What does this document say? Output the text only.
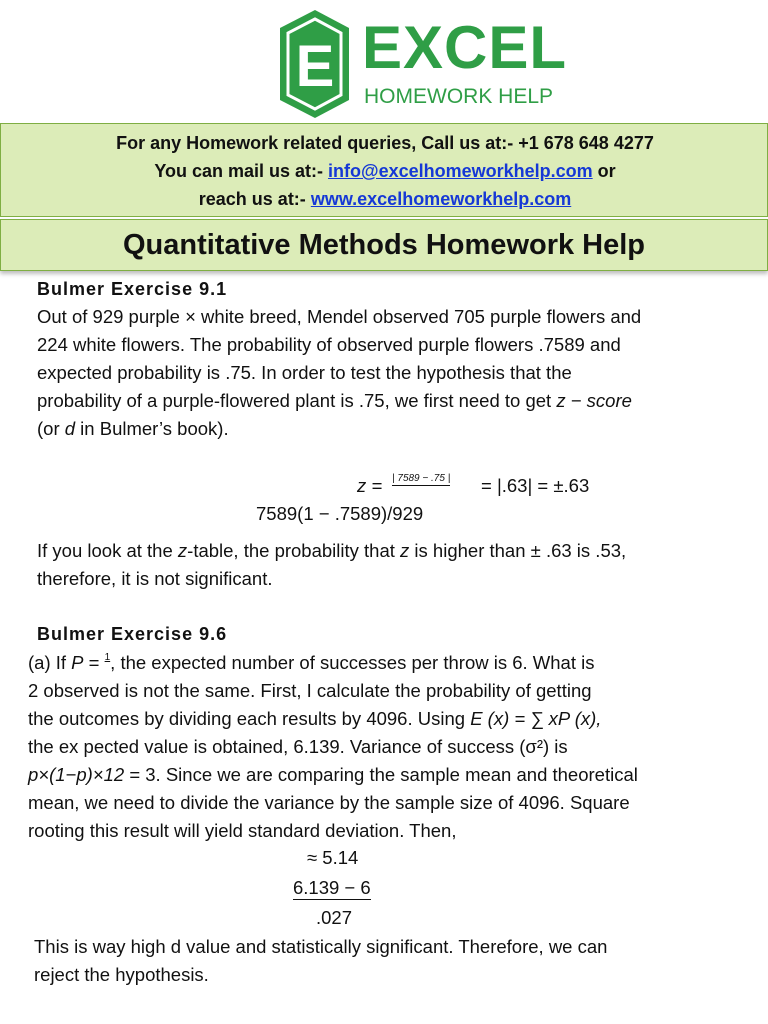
E EXCEL
HOMEWORK HELP
For any Homework related queries, Call us at:- +1 678 648 4277
You can mail us at:- info@excelhomeworkhelp.com or
reach us at:- www.excelhomeworkhelp.com
Quantitative Methods Homework Help
Bulmer Exercise 9.1
Out of 929 purple × white breed, Mendel observed 705 purple flowers and
224 white flowers. The probability of observed purple flowers .7589 and
expected probability is .75. In order to test the hypothesis that the
probability of a purple-flowered plant is .75, we first need to get z − score
(or d in Bulmer’s book).
z = | 7589 − .75 | = |.63| = ±.63
7589(1 − .7589)/929
If you look at the z-table, the probability that z is higher than ± .63 is .53,
therefore, it is not significant.
Bulmer Exercise 9.6
(a) If P = $^1$, the expected number of successes per throw is 6. What is
2 observed is not the same. First, I calculate the probability of getting
the outcomes by dividing each results by 4096. Using E (x) = ∑ xP (x),
the ex pected value is obtained, 6.139. Variance of success (σ²) is
p×(1−p)×12 = 3. Since we are comparing the sample mean and theoretical
mean, we need to divide the variance by the sample size of 4096. Square
rooting this result will yield standard deviation. Then,
≈ 5.14
6.139 − 6
.027
This is way high d value and statistically significant. Therefore, we can
reject the hypothesis.
